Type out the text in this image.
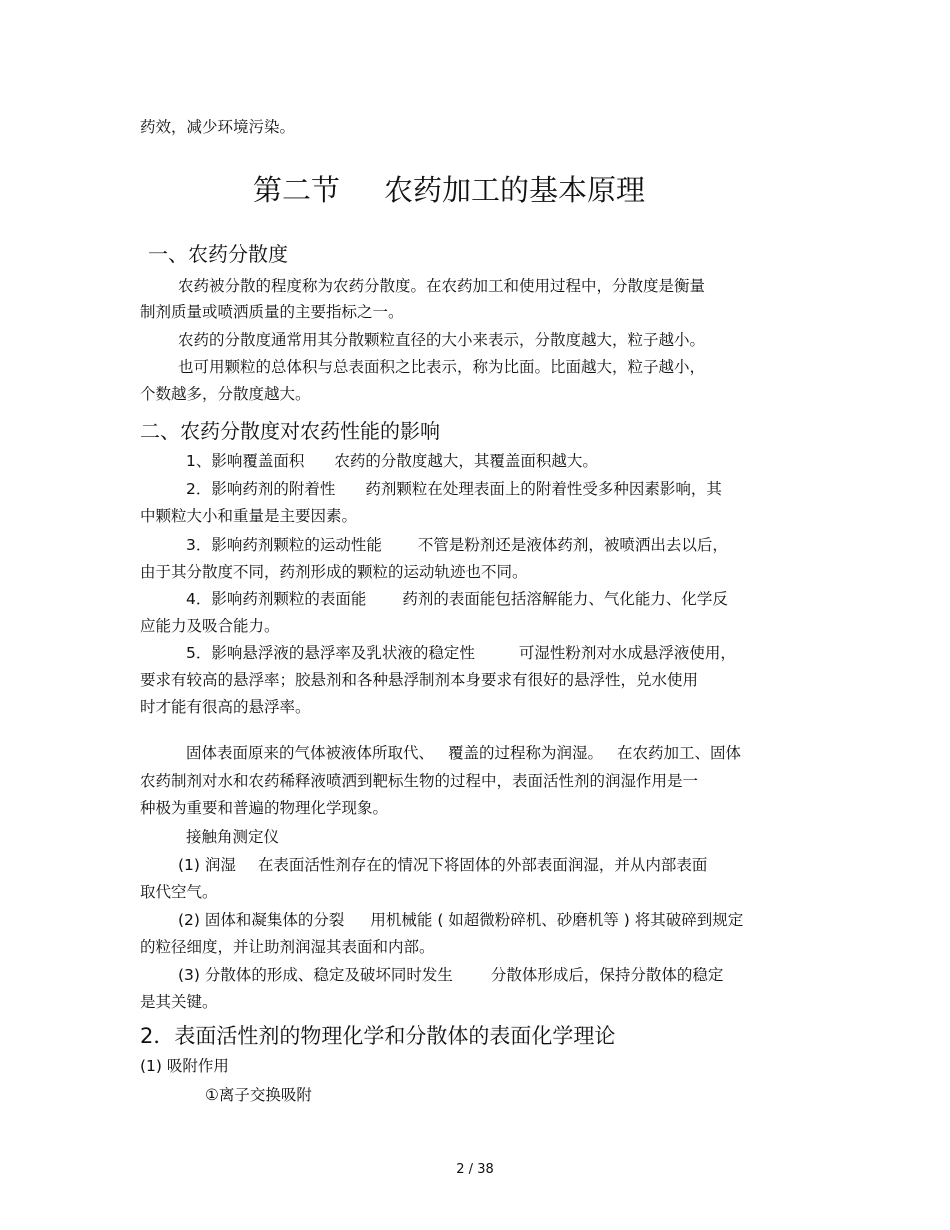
药效，减少环境污染。
第二节 农药加工的基本原理
一、农药分散度
农药被分散的程度称为农药分散度。在农药加工和使用过程中，分散度是衡量
制剂质量或喷洒质量的主要指标之一。
农药的分散度通常用其分散颗粒直径的大小来表示，分散度越大，粒子越小。
也可用颗粒的总体积与总表面积之比表示，称为比面。比面越大，粒子越小，
个数越多，分散度越大。
二、农药分散度对农药性能的影响
1、影响覆盖面积 农药的分散度越大，其覆盖面积越大。
2．影响药剂的附着性 药剂颗粒在处理表面上的附着性受多种因素影响，其
中颗粒大小和重量是主要因素。
3．影响药剂颗粒的运动性能 不管是粉剂还是液体药剂，被喷洒出去以后，
由于其分散度不同，药剂形成的颗粒的运动轨迹也不同。
4．影响药剂颗粒的表面能 药剂的表面能包括溶解能力、气化能力、化学反
应能力及吸合能力。
5．影响悬浮液的悬浮率及乳状液的稳定性	可湿性粉剂对水成悬浮液使用，
要求有较高的悬浮率；胶悬剂和各种悬浮制剂本身要求有很好的悬浮性，兑水使用
时才能有很高的悬浮率。
固体表面原来的气体被液体所取代、 覆盖的过程称为润湿。 在农药加工、固体
农药制剂对水和农药稀释液喷洒到靶标生物的过程中，表面活性剂的润湿作用是一
种极为重要和普遍的物理化学现象。
接触角测定仪
(1) 润湿 在表面活性剂存在的情况下将固体的外部表面润湿，并从内部表面
取代空气。
(2) 固体和凝集体的分裂 用机械能 ( 如超微粉碎机、砂磨机等 ) 将其破碎到规定
的粒径细度，并让助剂润湿其表面和内部。
(3) 分散体的形成、稳定及破坏同时发生 分散体形成后，保持分散体的稳定
是其关键。
2．表面活性剂的物理化学和分散体的表面化学理论
(1) 吸附作用
①离子交换吸附
2 / 38
